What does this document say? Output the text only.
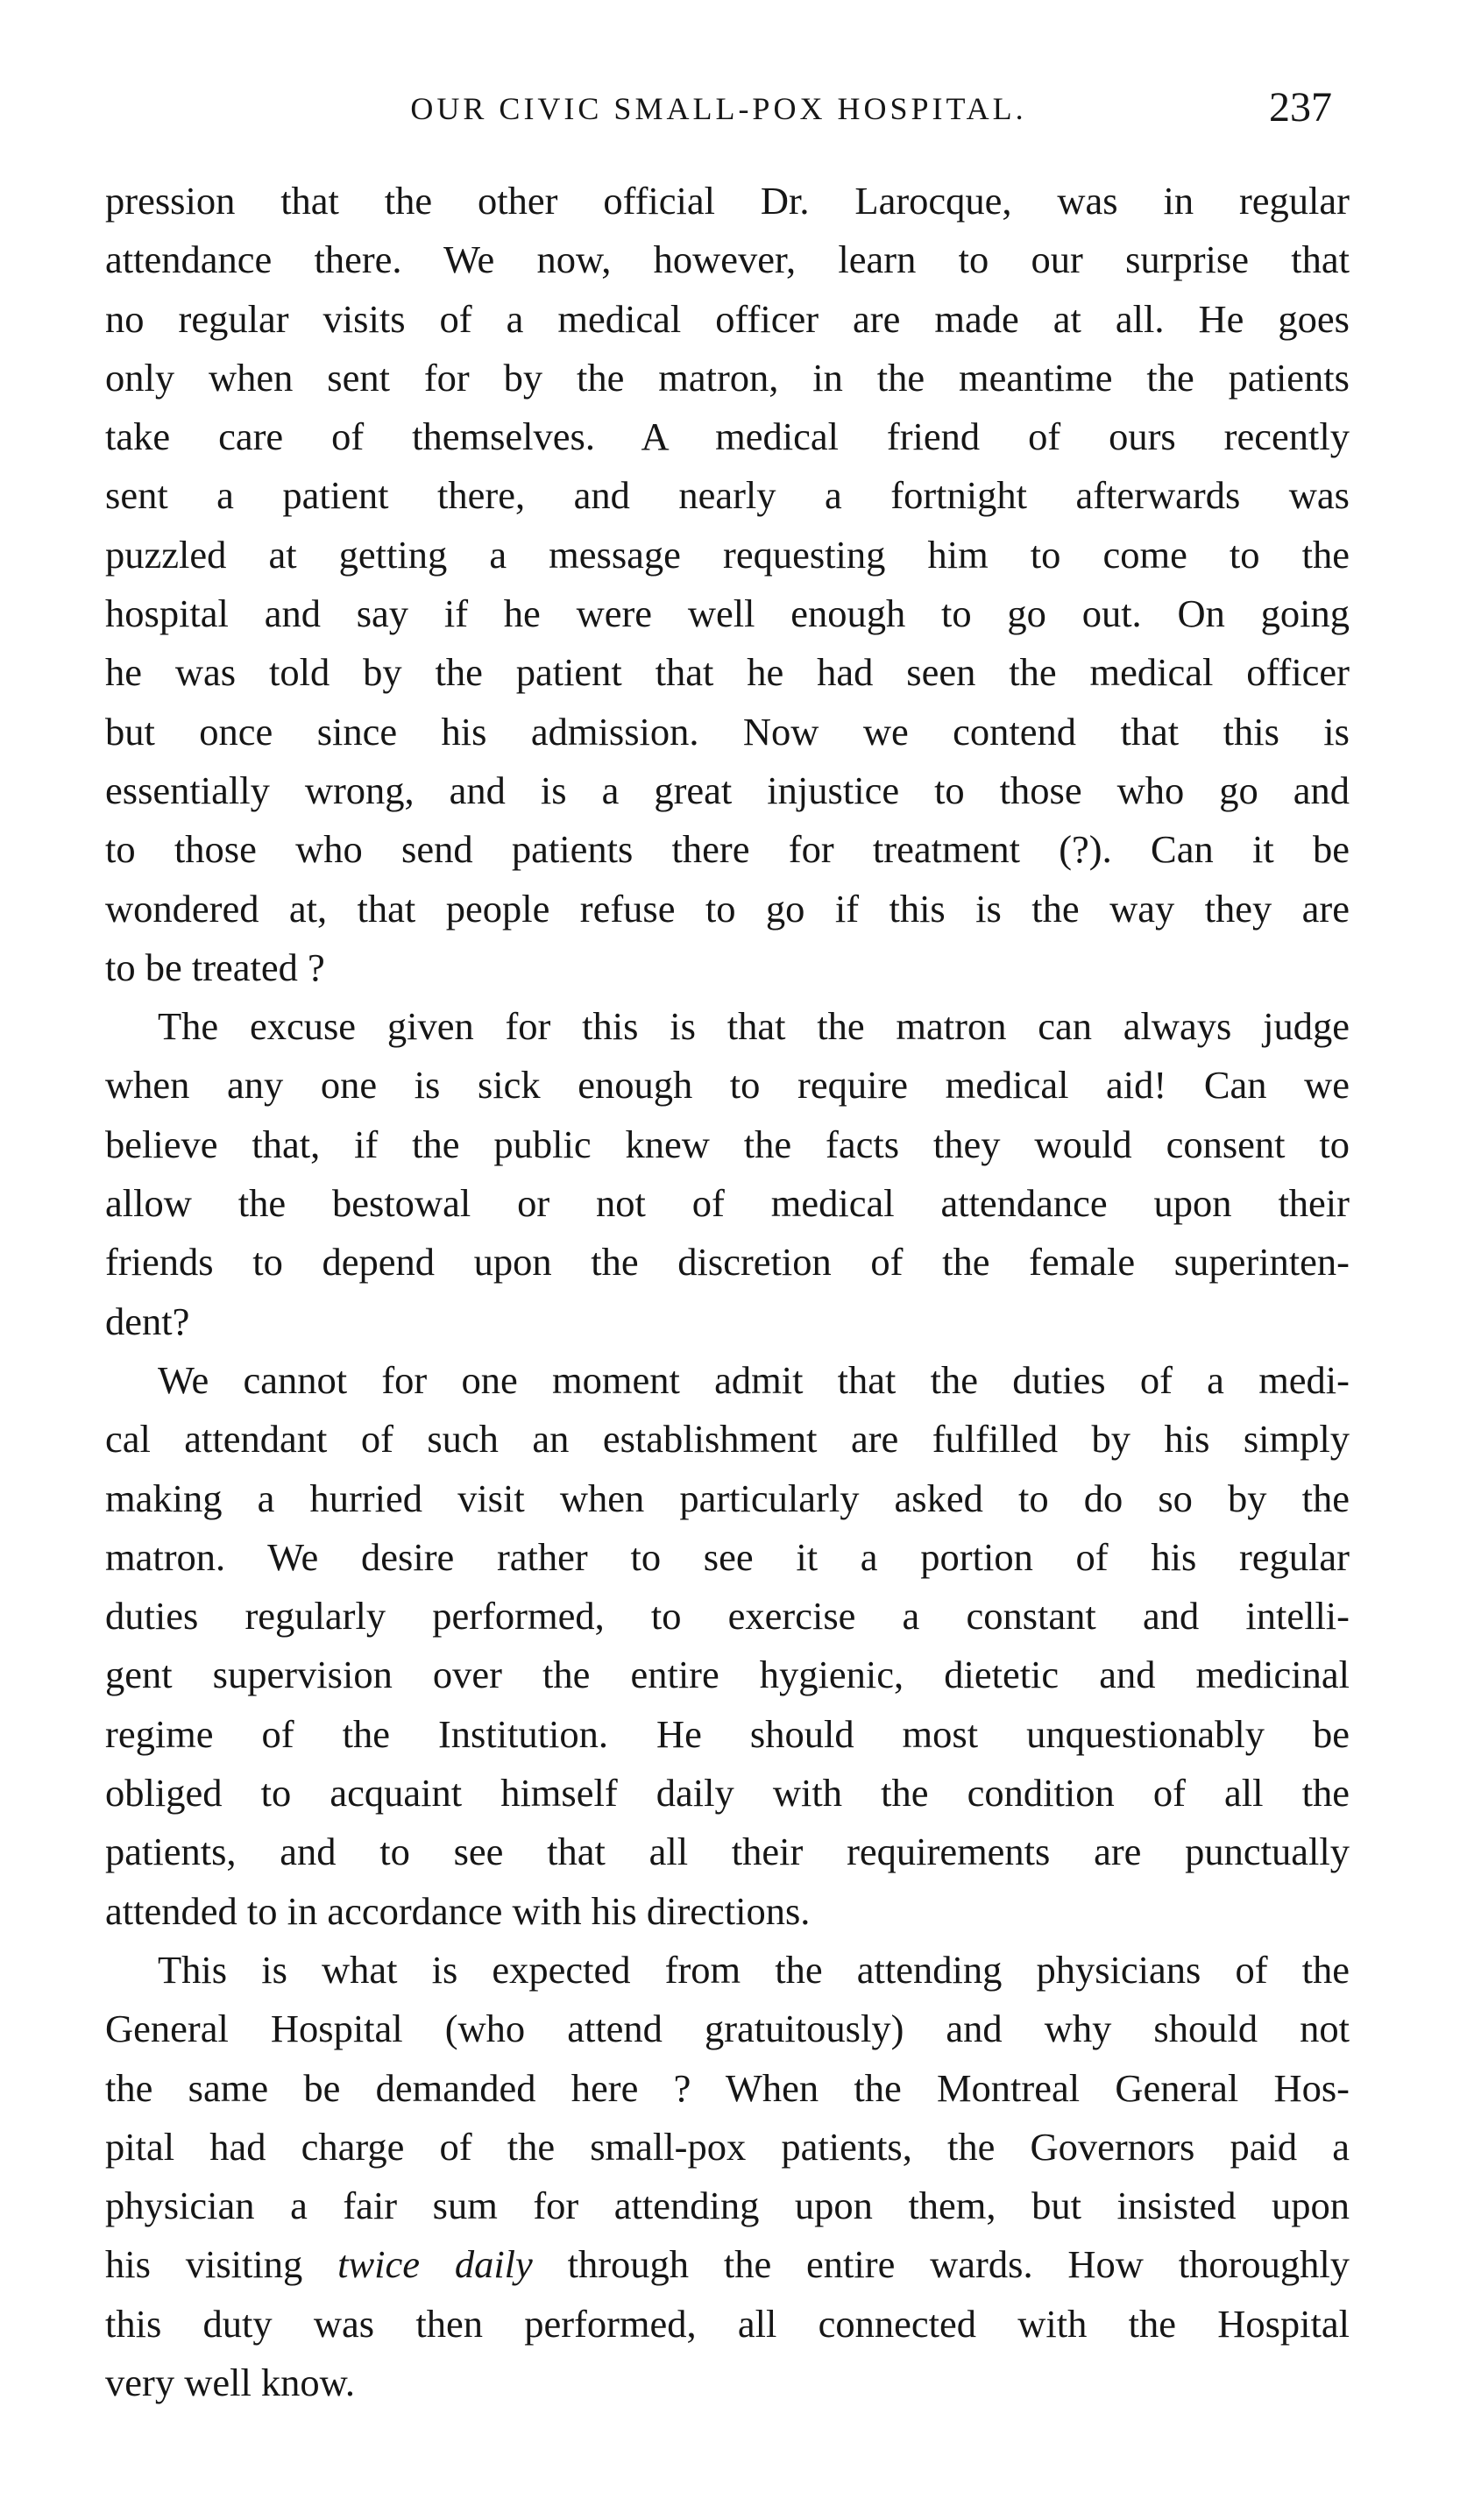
OUR CIVIC SMALL-POX HOSPITAL.	237

pression that the other official Dr. Larocque, was in regular
attendance there. We now, however, learn to our surprise that
no regular visits of a medical officer are made at all. He goes
only when sent for by the matron, in the meantime the patients
take care of themselves. A medical friend of ours recently
sent a patient there, and nearly a fortnight afterwards was
puzzled at getting a message requesting him to come to the
hospital and say if he were well enough to go out. On going
he was told by the patient that he had seen the medical officer
but once since his admission. Now we contend that this is
essentially wrong, and is a great injustice to those who go and
to those who send patients there for treatment (?). Can it be
wondered at, that people refuse to go if this is the way they are
to be treated ?

The excuse given for this is that the matron can always judge
when any one is sick enough to require medical aid! Can we
believe that, if the public knew the facts they would consent to
allow the bestowal or not of medical attendance upon their
friends to depend upon the discretion of the female superinten-
dent?

We cannot for one moment admit that the duties of a medi-
cal attendant of such an establishment are fulfilled by his simply
making a hurried visit when particularly asked to do so by the
matron. We desire rather to see it a portion of his regular
duties regularly performed, to exercise a constant and intelli-
gent supervision over the entire hygienic, dietetic and medicinal
regime of the Institution. He should most unquestionably be
obliged to acquaint himself daily with the condition of all the
patients, and to see that all their requirements are punctually
attended to in accordance with his directions.

This is what is expected from the attending physicians of the
General Hospital (who attend gratuitously) and why should not
the same be demanded here ? When the Montreal General Hos-
pital had charge of the small-pox patients, the Governors paid a
physician a fair sum for attending upon them, but insisted upon
his visiting twice daily through the entire wards. How thoroughly
this duty was then performed, all connected with the Hospital
very well know.
